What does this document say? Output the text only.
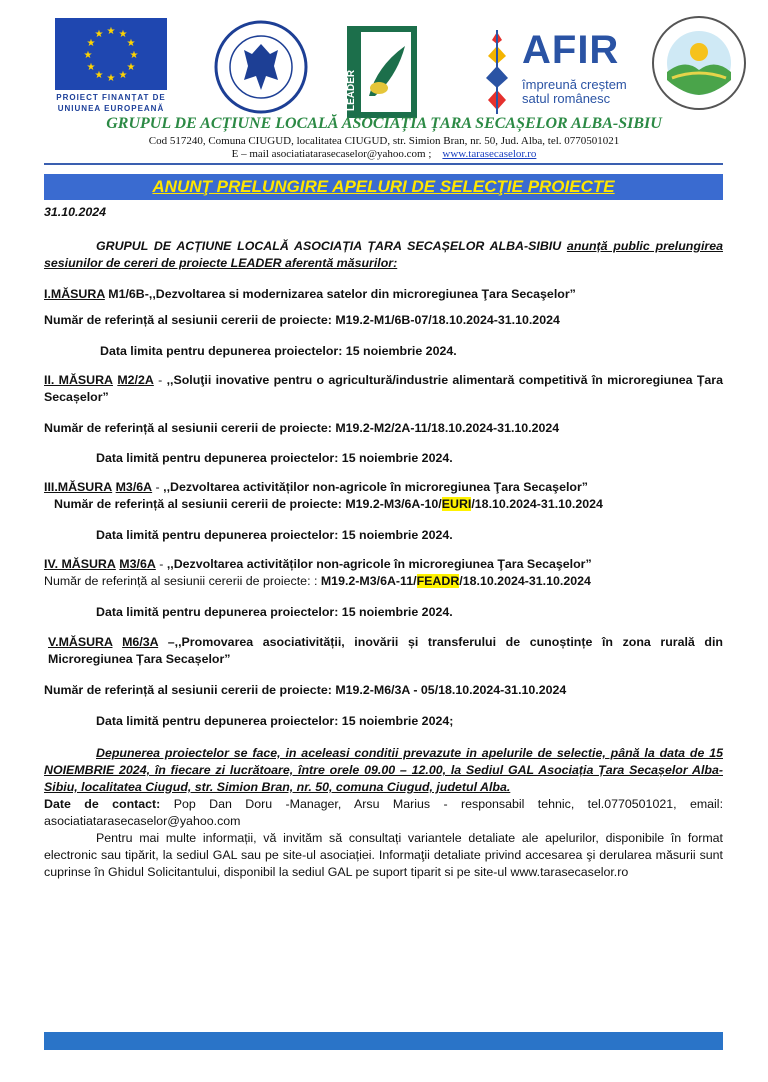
★ ★
★
★
★
★
★
★
★
★
★
★
PROIECT FINANȚAT DE UNIUNEA EUROPEANĂ	LEADER
AFIR
împreună creștem
satul românesc
GRUPUL DE ACȚIUNE LOCALĂ ASOCIAȚIA ȚARA SECAȘELOR ALBA-SIBIU
Cod 517240, Comuna CIUGUD, localitatea CIUGUD, str. Simion Bran, nr. 50, Jud. Alba, tel. 0770501021
E – mail asociatiatarasecaselor@yahoo.com ; www.tarasecaselor.ro
ANUNŢ PRELUNGIRE APELURI DE SELECŢIE PROIECTE

31.10.2024

GRUPUL DE ACȚIUNE LOCALĂ ASOCIAȚIA ȚARA SECAȘELOR ALBA-SIBIU anunță public prelungirea sesiunilor de cereri de proiecte LEADER aferentă măsurilor:

I.MĂSURA M1/6B-,,Dezvoltarea si modernizarea satelor din microregiunea Ţara Secaşelor”

Număr de referință al sesiunii cererii de proiecte: M19.2-M1/6B-07/18.10.2024-31.10.2024

Data limita pentru depunerea proiectelor: 15 noiembrie 2024.

II. MĂSURA M2/2A - ,,Soluţii inovative pentru o agricultură/industrie alimentară competitivă în microregiunea Țara Secașelor”

Număr de referință al sesiunii cererii de proiecte: M19.2-M2/2A-11/18.10.2024-31.10.2024

Data limită pentru depunerea proiectelor: 15 noiembrie 2024.

III.MĂSURA M3/6A - ,,Dezvoltarea activităților non-agricole în microregiunea Ţara Secaşelor”

Număr de referință al sesiunii cererii de proiecte: M19.2-M3/6A-10/EURI/18.10.2024-31.10.2024

Data limită pentru depunerea proiectelor: 15 noiembrie 2024.

IV. MĂSURA M3/6A - ,,Dezvoltarea activităților non-agricole în microregiunea Ţara Secaşelor”

Număr de referință al sesiunii cererii de proiecte: : M19.2-M3/6A-11/FEADR/18.10.2024-31.10.2024

Data limită pentru depunerea proiectelor: 15 noiembrie 2024.

V.MĂSURA M6/3A –,,Promovarea asociativității, inovării și transferului de cunoștințe în zona rurală din Microregiunea Țara Secașelor”

Număr de referință al sesiunii cererii de proiecte: M19.2-M6/3A - 05/18.10.2024-31.10.2024

Data limită pentru depunerea proiectelor: 15 noiembrie 2024;

Depunerea proiectelor se face, in aceleasi conditii prevazute in apelurile de selectie, până la data de 15 NOIEMBRIE 2024, în fiecare zi lucrătoare, între orele 09.00 – 12.00, la Sediul GAL Asociația Țara Secașelor Alba-Sibiu, localitatea Ciugud, str. Simion Bran, nr. 50, comuna Ciugud, judetul Alba.

Date de contact: Pop Dan Doru -Manager, Arsu Marius - responsabil tehnic, tel.0770501021, email: asociatiatarasecaselor@yahoo.com

Pentru mai multe informații, vă invităm să consultați variantele detaliate ale apelurilor, disponibile în format electronic sau tipărit, la sediul GAL sau pe site-ul asociației. Informaţii detaliate privind accesarea şi derularea măsurii sunt cuprinse în Ghidul Solicitantului, disponibil la sediul GAL pe suport tiparit si pe site-ul www.tarasecaselor.ro
